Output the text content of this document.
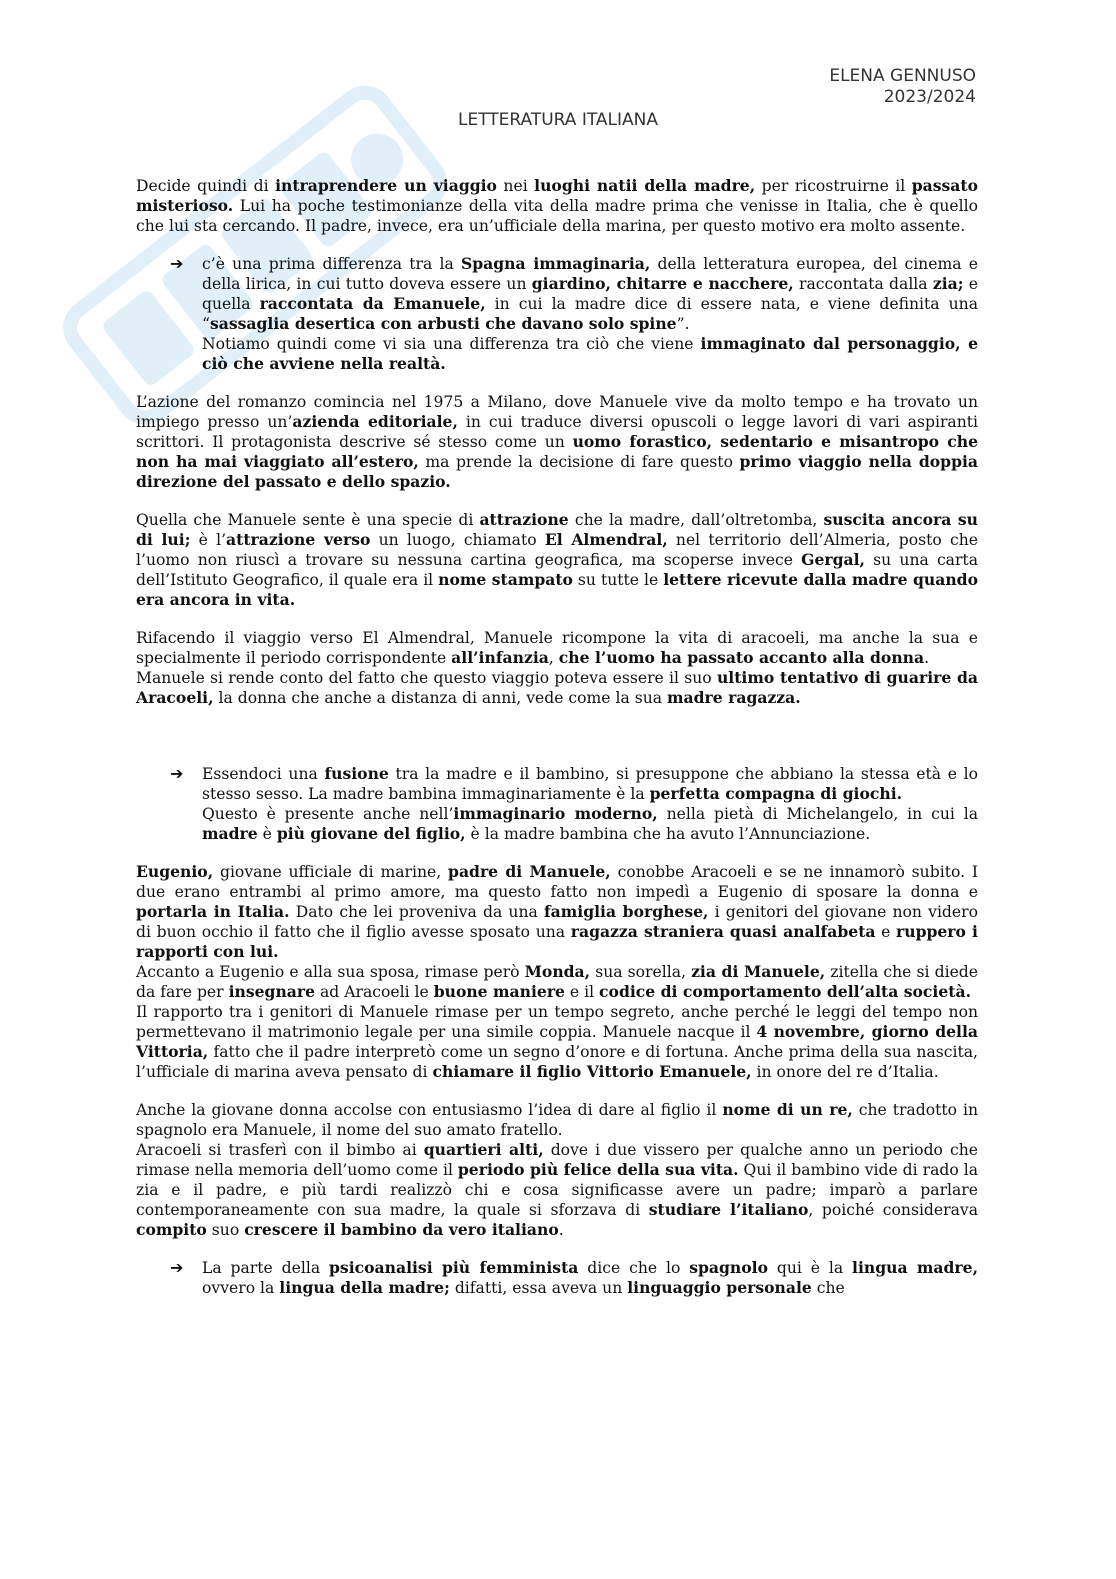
ELENA GENNUSO
2023/2024
LETTERATURA ITALIANA

Decide quindi di intraprendere un viaggio nei luoghi natii della madre, per ricostruirne il passato misterioso. Lui ha poche testimonianze della vita della madre prima che venisse in Italia, che è quello che lui sta cercando. Il padre, invece, era un’ufficiale della marina, per questo motivo era molto assente.

➔ c’è una prima differenza tra la Spagna immaginaria, della letteratura europea, del cinema e della lirica, in cui tutto doveva essere un giardino, chitarre e nacchere, raccontata dalla zia; e quella raccontata da Emanuele, in cui la madre dice di essere nata, e viene definita una “sassaglia desertica con arbusti che davano solo spine”.

Notiamo quindi come vi sia una differenza tra ciò che viene immaginato dal personaggio, e ciò che avviene nella realtà.

L’azione del romanzo comincia nel 1975 a Milano, dove Manuele vive da molto tempo e ha trovato un impiego presso un’azienda editoriale, in cui traduce diversi opuscoli o legge lavori di vari aspiranti scrittori. Il protagonista descrive sé stesso come un uomo forastico, sedentario e misantropo che non ha mai viaggiato all’estero, ma prende la decisione di fare questo primo viaggio nella doppia direzione del passato e dello spazio.

Quella che Manuele sente è una specie di attrazione che la madre, dall’oltretomba, suscita ancora su di lui; è l’attrazione verso un luogo, chiamato El Almendral, nel territorio dell’Almeria, posto che l’uomo non riuscì a trovare su nessuna cartina geografica, ma scoperse invece Gergal, su una carta dell’Istituto Geografico, il quale era il nome stampato su tutte le lettere ricevute dalla madre quando era ancora in vita.

Rifacendo il viaggio verso El Almendral, Manuele ricompone la vita di aracoeli, ma anche la sua e specialmente il periodo corrispondente all’infanzia, che l’uomo ha passato accanto alla donna.

Manuele si rende conto del fatto che questo viaggio poteva essere il suo ultimo tentativo di guarire da Aracoeli, la donna che anche a distanza di anni, vede come la sua madre ragazza.

➔ Essendoci una fusione tra la madre e il bambino, si presuppone che abbiano la stessa età e lo stesso sesso. La madre bambina immaginariamente è la perfetta compagna di giochi.

Questo è presente anche nell’immaginario moderno, nella pietà di Michelangelo, in cui la madre è più giovane del figlio, è la madre bambina che ha avuto l’Annunciazione.

Eugenio, giovane ufficiale di marine, padre di Manuele, conobbe Aracoeli e se ne innamorò subito. I due erano entrambi al primo amore, ma questo fatto non impedì a Eugenio di sposare la donna e portarla in Italia. Dato che lei proveniva da una famiglia borghese, i genitori del giovane non videro di buon occhio il fatto che il figlio avesse sposato una ragazza straniera quasi analfabeta e ruppero i rapporti con lui.

Accanto a Eugenio e alla sua sposa, rimase però Monda, sua sorella, zia di Manuele, zitella che si diede da fare per insegnare ad Aracoeli le buone maniere e il codice di comportamento dell’alta società.

Il rapporto tra i genitori di Manuele rimase per un tempo segreto, anche perché le leggi del tempo non permettevano il matrimonio legale per una simile coppia. Manuele nacque il 4 novembre, giorno della Vittoria, fatto che il padre interpretò come un segno d’onore e di fortuna. Anche prima della sua nascita, l’ufficiale di marina aveva pensato di chiamare il figlio Vittorio Emanuele, in onore del re d’Italia.

Anche la giovane donna accolse con entusiasmo l’idea di dare al figlio il nome di un re, che tradotto in spagnolo era Manuele, il nome del suo amato fratello.

Aracoeli si trasferì con il bimbo ai quartieri alti, dove i due vissero per qualche anno un periodo che rimase nella memoria dell’uomo come il periodo più felice della sua vita. Qui il bambino vide di rado la zia e il padre, e più tardi realizzò chi e cosa significasse avere un padre; imparò a parlare contemporaneamente con sua madre, la quale si sforzava di studiare l’italiano, poiché considerava compito suo crescere il bambino da vero italiano.

➔ La parte della psicoanalisi più femminista dice che lo spagnolo qui è la lingua madre, ovvero la lingua della madre; difatti, essa aveva un linguaggio personale che
